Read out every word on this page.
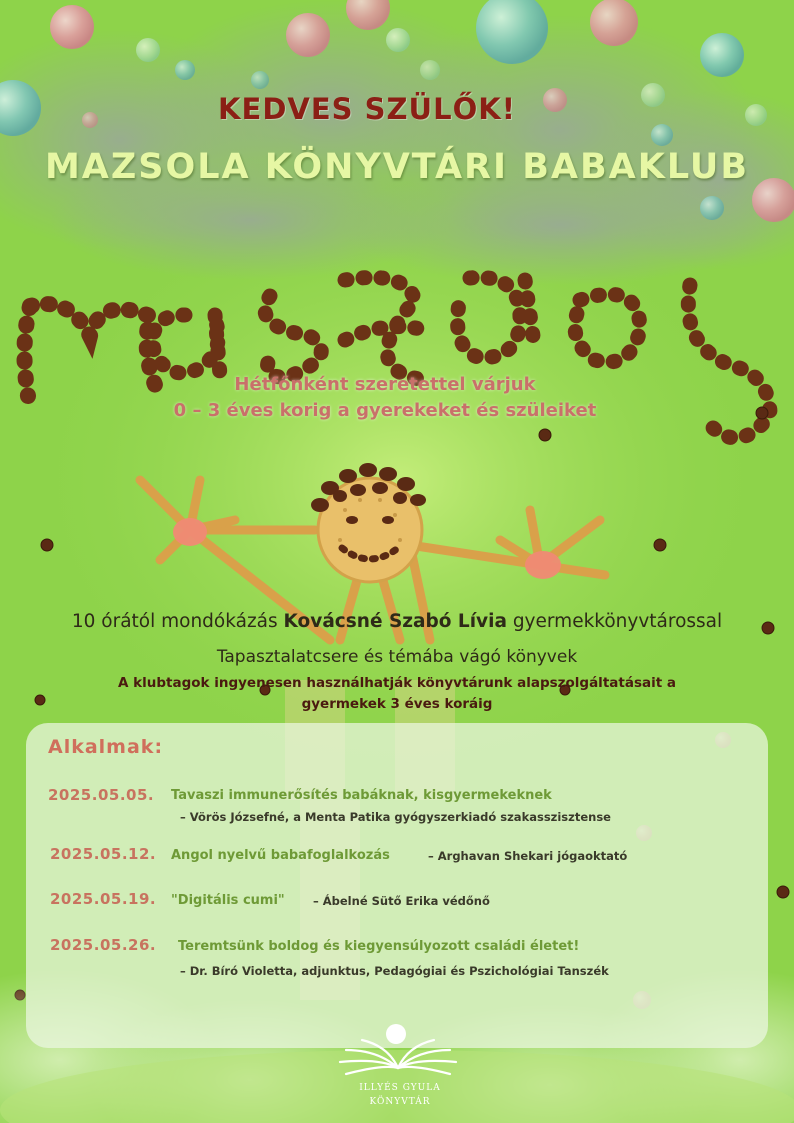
KEDVES SZÜLŐK!
MAZSOLA KÖNYVTÁRI BABAKLUB
Hétfőnként szeretettel várjuk
0 – 3 éves korig a gyerekeket és szüleiket
10 órától mondókázás Kovácsné Szabó Lívia gyermekkönyvtárossal
Tapasztalatcsere és témába vágó könyvek
A klubtagok ingyenesen használhatják könyvtárunk alapszolgáltatásait a
gyermekek 3 éves koráig
Alkalmak:
2025.05.05. Tavaszi immunerősítés babáknak, kisgyermekeknek
– Vörös Józsefné, a Menta Patika gyógyszerkiadó szakasszisztense
2025.05.12. Angol nyelvű babafoglalkozás	– Arghavan Shekari jógaoktató
2025.05.19. "Digitális cumi" – Ábelné Sütő Erika védőnő
2025.05.26. Teremtsünk boldog és kiegyensúlyozott családi életet!
– Dr. Bíró Violetta, adjunktus, Pedagógiai és Pszichológiai Tanszék
ILLYÉS GYULA
KÖNYVTÁR
